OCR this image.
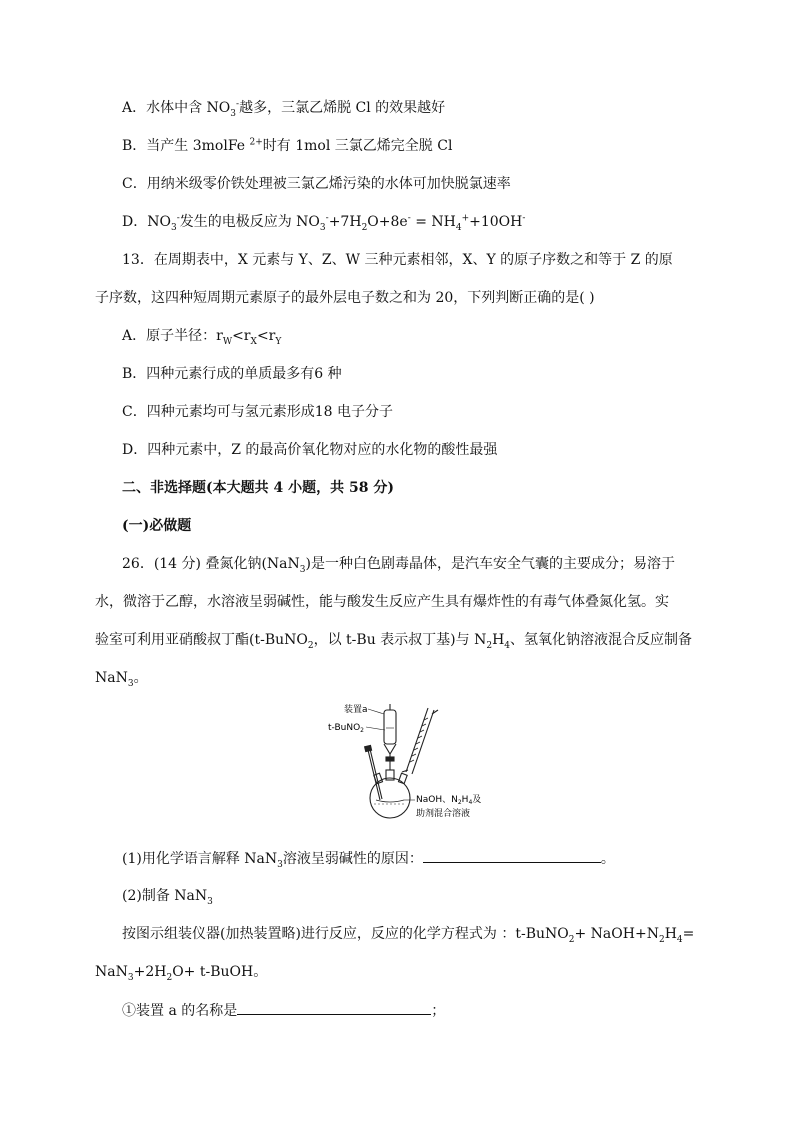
A．水体中含 $NO_3^-$越多，三氯乙烯脱 Cl 的效果越好
B．当产生 3molFe $^{2+}$时有 1mol 三氯乙烯完全脱 Cl
C．用纳米级零价铁处理被三氯乙烯污染的水体可加快脱氯速率
D．$NO_3^-$发生的电极反应为 $NO_3^-+7H_2O+8e^- = NH_4^++10OH^-$
13．在周期表中，X 元素与 Y、Z、W 三种元素相邻，X、Y 的原子序数之和等于 Z 的原
子序数，这四种短周期元素原子的最外层电子数之和为 20，下列判断正确的是( )
A．原子半径：$r_W<r_X<r_Y$
B．四种元素行成的单质最多有6 种
C．四种元素均可与氢元素形成18 电子分子
D．四种元素中，Z 的最高价氧化物对应的水化物的酸性最强
二、非选择题(本大题共 4 小题，共 58 分)
(一)必做题
26．(14 分) 叠氮化钠(NaN$_3$)是一种白色剧毒晶体，是汽车安全气囊的主要成分；易溶于
水，微溶于乙醇，水溶液呈弱碱性，能与酸发生反应产生具有爆炸性的有毒气体叠氮化氢。实
验室可利用亚硝酸叔丁酯(t-BuNO$_2$，以 t-Bu 表示叔丁基)与 $N_2H_4$、氢氧化钠溶液混合反应制备
NaN$_3$。
装置a
t-BuNO$_2$
NaOH、$N_2H_4$及
助剂混合溶液
(1)用化学语言解释 NaN$_3$溶液呈弱碱性的原因：	。
(2)制备 NaN$_3$
按图示组装仪器(加热装置略)进行反应，反应的化学方程式为 ：t-BuNO$_2$+ $NaOH+N_2H_4=$
$NaN_3+2H_2O+$ t-BuOH。
①装置 a 的名称是	；
